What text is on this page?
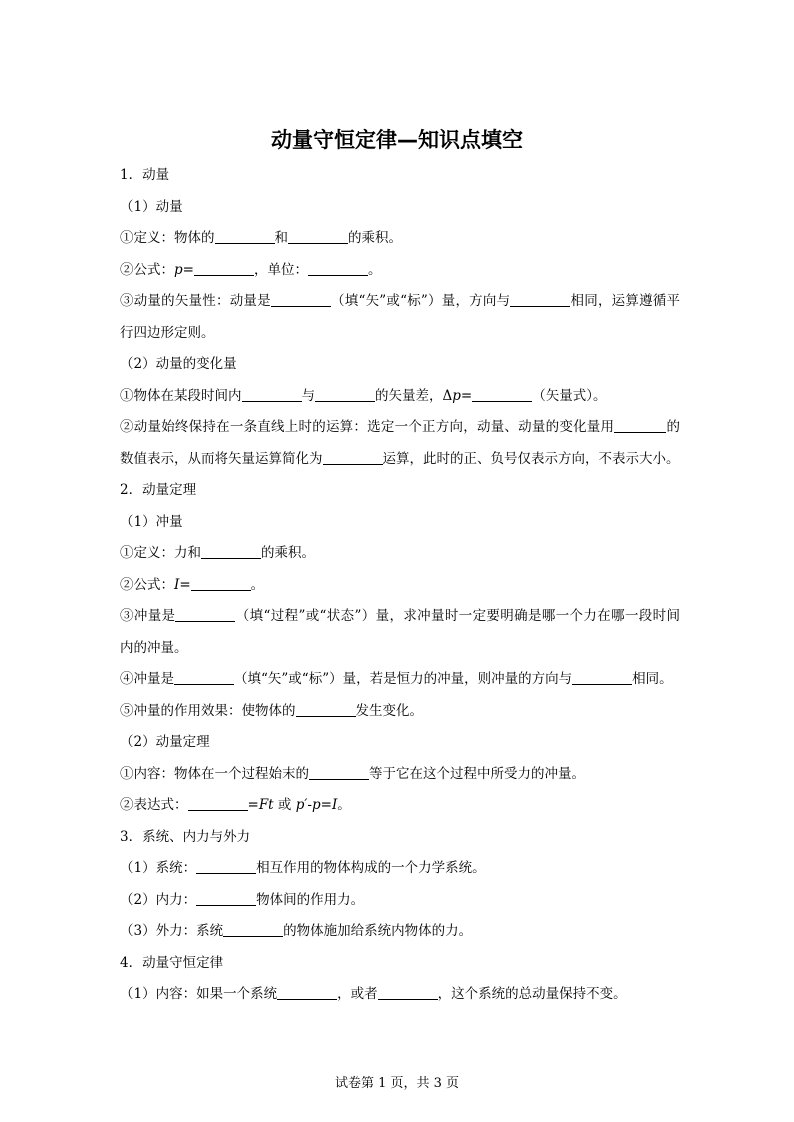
动量守恒定律—知识点填空

1．动量

（1）动量

①定义：物体的	和	的乘积。

②公式：p=	，单位：	。

③动量的矢量性：动量是	（填“矢”或“标”）量，方向与	相同，运算遵循平行四边形定则。

（2）动量的变化量

①物体在某段时间内	与	的矢量差，Δp=	（矢量式）。

②动量始终保持在一条直线上时的运算：选定一个正方向，动量、动量的变化量用	的数值表示，从而将矢量运算简化为	运算，此时的正、负号仅表示方向，不表示大小。

2．动量定理

（1）冲量

①定义：力和	的乘积。

②公式：I=	。

③冲量是	（填“过程”或“状态”）量，求冲量时一定要明确是哪一个力在哪一段时间内的冲量。

④冲量是	（填“矢”或“标”）量，若是恒力的冲量，则冲量的方向与	相同。

⑤冲量的作用效果：使物体的	发生变化。

（2）动量定理

①内容：物体在一个过程始末的	等于它在这个过程中所受力的冲量。

②表达式：	=Ft 或 p′-p=I。

3．系统、内力与外力

（1）系统：	相互作用的物体构成的一个力学系统。

（2）内力：	物体间的作用力。

（3）外力：系统	的物体施加给系统内物体的力。

4．动量守恒定律

（1）内容：如果一个系统	，或者	，这个系统的总动量保持不变。

试卷第 1 页，共 3 页
